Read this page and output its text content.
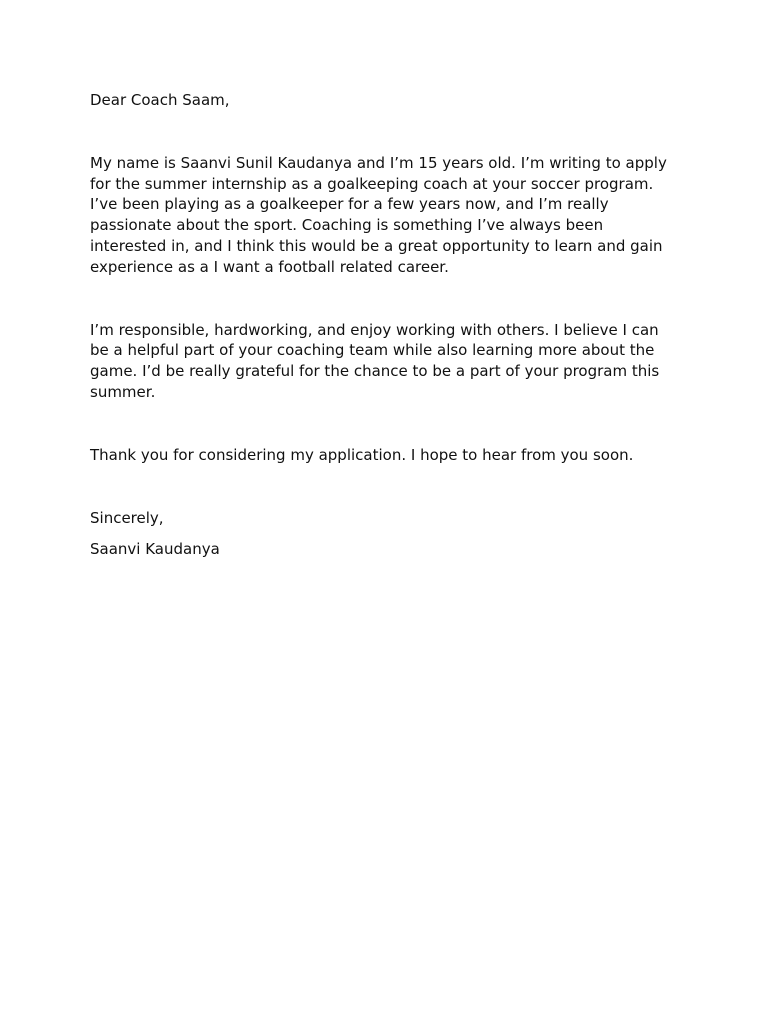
Dear Coach Saam,

My name is Saanvi Sunil Kaudanya and I’m 15 years old. I’m writing to apply
for the summer internship as a goalkeeping coach at your soccer program.
I’ve been playing as a goalkeeper for a few years now, and I’m really
passionate about the sport. Coaching is something I’ve always been
interested in, and I think this would be a great opportunity to learn and gain
experience as a I want a football related career.

I’m responsible, hardworking, and enjoy working with others. I believe I can
be a helpful part of your coaching team while also learning more about the
game. I’d be really grateful for the chance to be a part of your program this
summer.

Thank you for considering my application. I hope to hear from you soon.

Sincerely,

Saanvi Kaudanya
